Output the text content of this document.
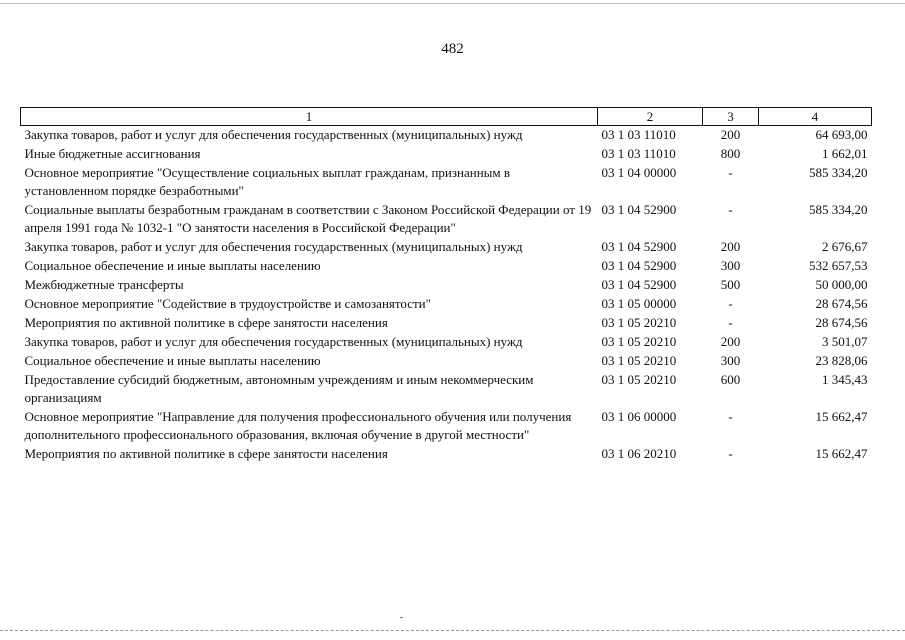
482
1	2	3	4
Закупка товаров, работ и услуг для обеспечения государственных (муниципальных) нужд	03 1 03 11010	200	64 693,00
Иные бюджетные ассигнования	03 1 03 11010	800	1 662,01
Основное мероприятие "Осуществление социальных выплат гражданам, признанным в установленном порядке безработными"	03 1 04 00000	-	585 334,20
Социальные выплаты безработным гражданам в соответствии с Законом Российской Федерации от 19 апреля 1991 года № 1032-1 "О занятости населения в Российской Федерации"	03 1 04 52900	-	585 334,20
Закупка товаров, работ и услуг для обеспечения государственных (муниципальных) нужд	03 1 04 52900	200	2 676,67
Социальное обеспечение и иные выплаты населению	03 1 04 52900	300	532 657,53
Межбюджетные трансферты	03 1 04 52900	500	50 000,00
Основное мероприятие "Содействие в трудоустройстве и самозанятости"	03 1 05 00000	-	28 674,56
Мероприятия по активной политике в сфере занятости населения	03 1 05 20210	-	28 674,56
Закупка товаров, работ и услуг для обеспечения государственных (муниципальных) нужд	03 1 05 20210	200	3 501,07
Социальное обеспечение и иные выплаты населению	03 1 05 20210	300	23 828,06
Предоставление субсидий бюджетным, автономным учреждениям и иным некоммерческим организациям	03 1 05 20210	600	1 345,43
Основное мероприятие "Направление для получения профессионального обучения или получения дополнительного профессионального образования, включая обучение в другой местности"	03 1 06 00000	-	15 662,47
Мероприятия по активной политике в сфере занятости населения	03 1 06 20210	-	15 662,47
